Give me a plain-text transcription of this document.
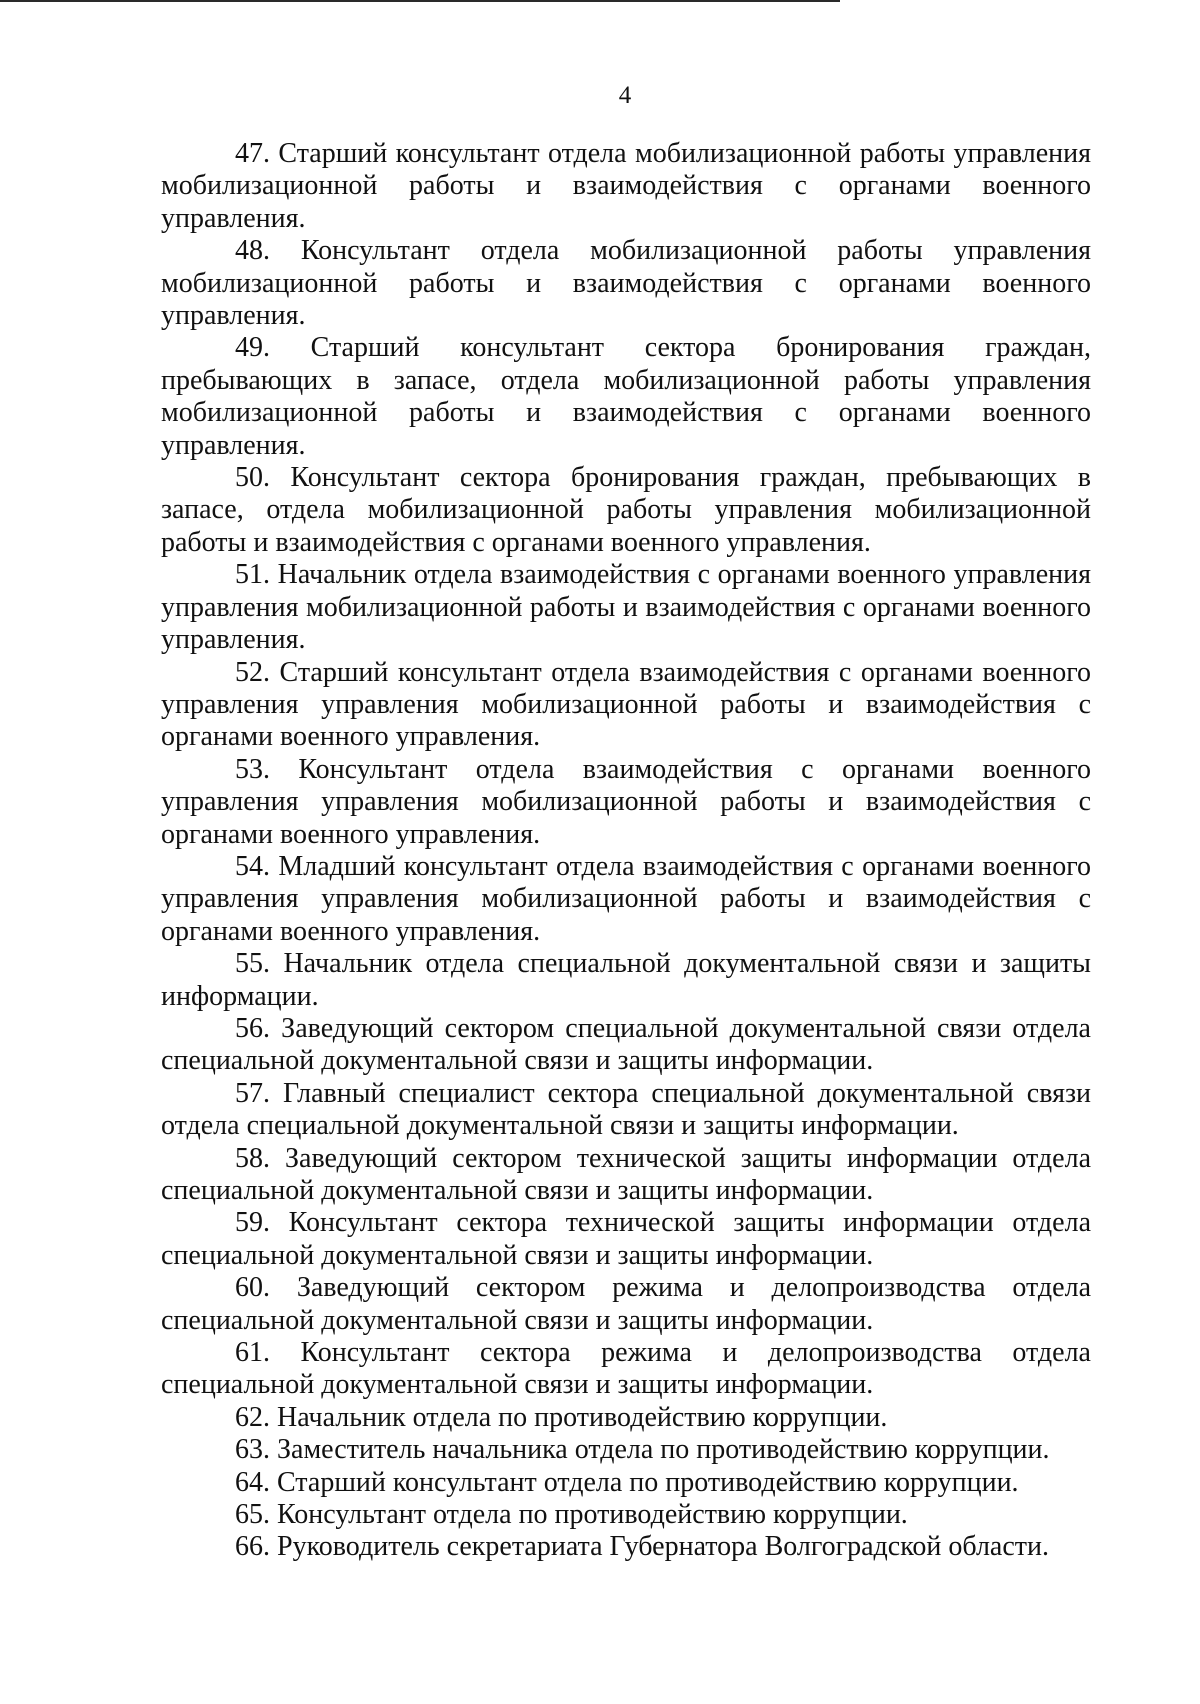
4

47. Старший консультант отдела мобилизационной работы управления мобилизационной работы и взаимодействия с органами военного управления.

48. Консультант отдела мобилизационной работы управления мобилизационной работы и взаимодействия с органами военного управления.

49. Старший консультант сектора бронирования граждан, пребывающих в запасе, отдела мобилизационной работы управления мобилизационной работы и взаимодействия с органами военного управления.

50. Консультант сектора бронирования граждан, пребывающих в запасе, отдела мобилизационной работы управления мобилизационной работы и взаимодействия с органами военного управления.

51. Начальник отдела взаимодействия с органами военного управления управления мобилизационной работы и взаимодействия с органами военного управления.

52. Старший консультант отдела взаимодействия с органами военного управления управления мобилизационной работы и взаимодействия с органами военного управления.

53. Консультант отдела взаимодействия с органами военного управления управления мобилизационной работы и взаимодействия с органами военного управления.

54. Младший консультант отдела взаимодействия с органами военного управления управления мобилизационной работы и взаимодействия с органами военного управления.

55. Начальник отдела специальной документальной связи и защиты информации.

56. Заведующий сектором специальной документальной связи отдела специальной документальной связи и защиты информации.

57. Главный специалист сектора специальной документальной связи отдела специальной документальной связи и защиты информации.

58. Заведующий сектором технической защиты информации отдела специальной документальной связи и защиты информации.

59. Консультант сектора технической защиты информации отдела специальной документальной связи и защиты информации.

60. Заведующий сектором режима и делопроизводства отдела специальной документальной связи и защиты информации.

61. Консультант сектора режима и делопроизводства отдела специальной документальной связи и защиты информации.

62. Начальник отдела по противодействию коррупции.

63. Заместитель начальника отдела по противодействию коррупции.

64. Старший консультант отдела по противодействию коррупции.

65. Консультант отдела по противодействию коррупции.

66. Руководитель секретариата Губернатора Волгоградской области.
